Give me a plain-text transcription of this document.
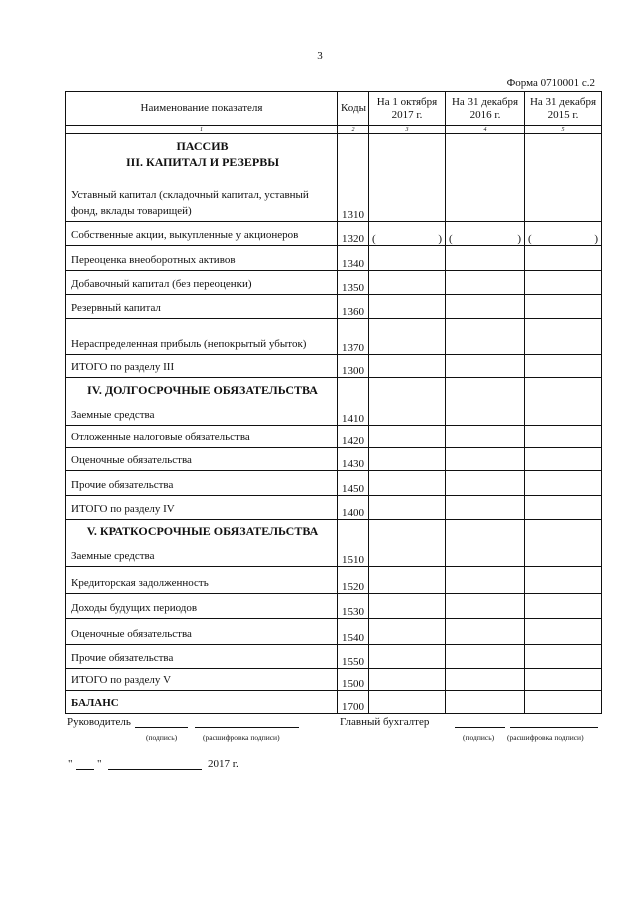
3
Форма 0710001 с.2
Наименование показателя	Коды	На 1 октября 2017 г.	На 31 декабря 2016 г.	На 31 декабря 2015 г.
1	2	3	4	5

ПАССИВ
III. КАПИТАЛ И РЕЗЕРВЫ
Уставный капитал (складочный капитал, уставный фонд, вклады товарищей)	1310			
Собственные акции, выкупленные у акционеров	1320	( )	( )	( )

Переоценка внеоборотных активов	1340			
Добавочный капитал (без переоценки)	1350			
Резервный капитал	1360			
Нераспределенная прибыль (непокрытый убыток)	1370			
ИТОГО по разделу III	1300			

IV. ДОЛГОСРОЧНЫЕ ОБЯЗАТЕЛЬСТВА
Заемные средства	1410			
Отложенные налоговые обязательства	1420			
Оценочные обязательства	1430			
Прочие обязательства	1450			
ИТОГО по разделу IV	1400			

V. КРАТКОСРОЧНЫЕ ОБЯЗАТЕЛЬСТВА
Заемные средства	1510			
Кредиторская задолженность	1520			
Доходы будущих периодов	1530			
Оценочные обязательства	1540			
Прочие обязательства	1550			
ИТОГО по разделу V	1500			
БАЛАНС	1700			
Руководитель
(подпись)	(расшифровка подписи)
Главный бухгалтер
(подпись) (расшифровка подписи)
" "	2017 г.
